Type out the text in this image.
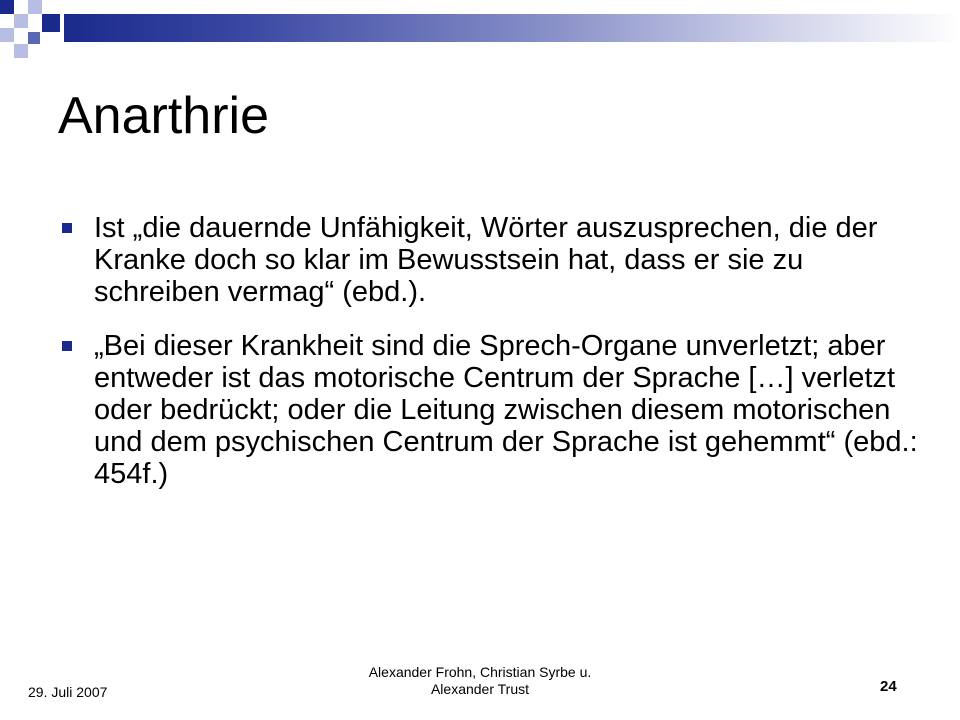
Anarthrie
Ist „die dauernde Unfähigkeit, Wörter auszusprechen, die der Kranke doch so klar im Bewusstsein hat, dass er sie zu schreiben vermag“ (ebd.).
„Bei dieser Krankheit sind die Sprech-Organe unverletzt; aber entweder ist das motorische Centrum der Sprache […] verletzt oder bedrückt; oder die Leitung zwischen diesem motorischen und dem psychischen Centrum der Sprache ist gehemmt“ (ebd.: 454f.)
29. Juli 2007
Alexander Frohn, Christian Syrbe u.
Alexander Trust	24
